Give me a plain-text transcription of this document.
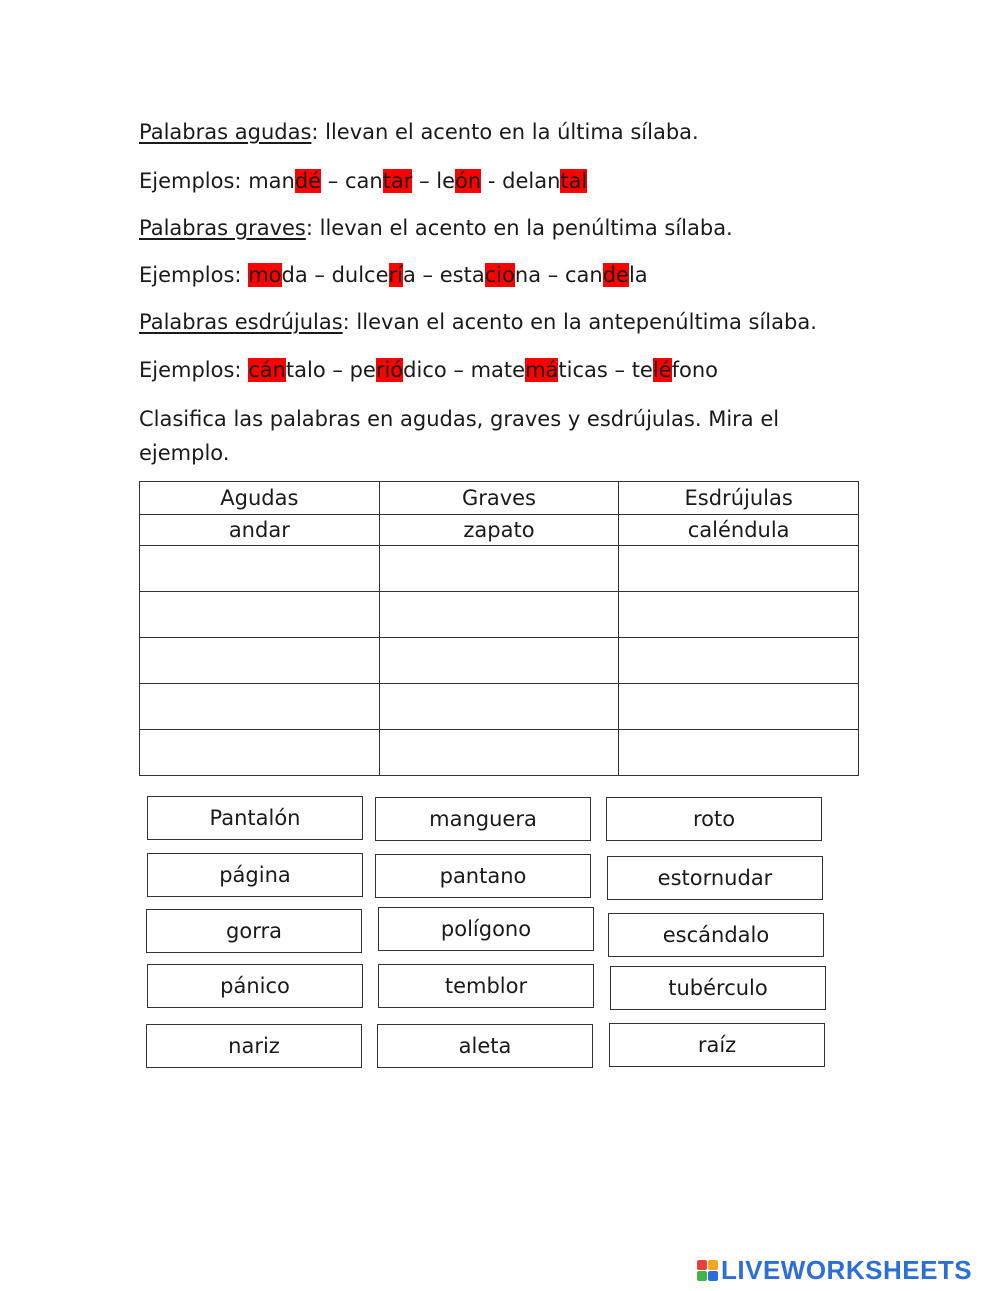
Palabras agudas: llevan el acento en la última sílaba.
Ejemplos: mandé – cantar – león - delantal
Palabras graves: llevan el acento en la penúltima sílaba.
Ejemplos: moda – dulcería – estaciona – candela
Palabras esdrújulas: llevan el acento en la antepenúltima sílaba.
Ejemplos: cántalo – periódico – matemáticas – teléfono
Clasifica las palabras en agudas, graves y esdrújulas. Mira el ejemplo.
Agudas	Graves	Esdrújulas
andar	zapato	caléndula

Pantalón	manguera	roto
página	pantano	estornudar
gorra	polígono	escándalo
pánico	temblor	tubérculo
nariz	aleta	raíz
LIVEWORKSHEETS
